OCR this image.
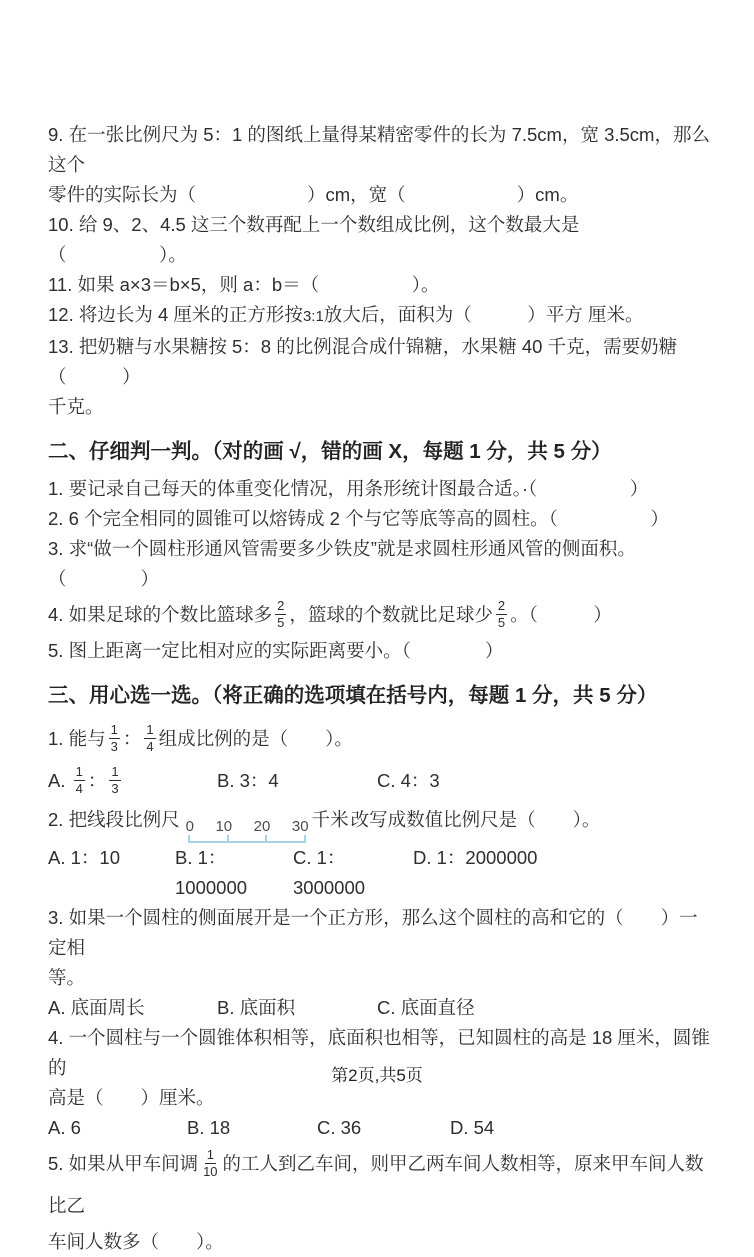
9. 在一张比例尺为 5：1 的图纸上量得某精密零件的长为 7.5cm，宽 3.5cm，那么这个
零件的实际长为（　　　　　　）cm，宽（　　　　　　）cm。
10. 给 9、2、4.5 这三个数再配上一个数组成比例，这个数最大是（　　　　　）。
11. 如果 a×3＝b×5，则 a：b＝（　　　　　）。
12. 将边长为 4 厘米的正方形按3:1放大后，面积为（　　　）平方 厘米。
13. 把奶糖与水果糖按 5：8 的比例混合成什锦糖，水果糖 40 千克，需要奶糖（　　　）
千克。
二、仔细判一判。（对的画 √，错的画 X，每题 1 分，共 5 分）
1. 要记录自己每天的体重变化情况，用条形统计图最合适。·（　　　　　）
2. 6 个完全相同的圆锥可以熔铸成 2 个与它等底等高的圆柱。（　　　　　）
3. 求“做一个圆柱形通风管需要多少铁皮”就是求圆柱形通风管的侧面积。（　　　　）
4. 如果足球的个数比篮球多 $\frac{2}{5}$ ，篮球的个数就比足球少 $\frac{2}{5}$ 。（　　　）
5. 图上距离一定比相对应的实际距离要小。（　　　　）
三、用心选一选。（将正确的选项填在括号内，每题 1 分，共 5 分）
1. 能与 $\frac{1}{3}$ ： $\frac{1}{4}$ 组成比例的是（　　）。
A. $\frac{1}{4}$ ： $\frac{1}{3}$	B. 3：4	C. 4：3
2. 把线段比例尺 0 10 20 30 千米 改写成数值比例尺是（　　）。
A. 1：10	B. 1：1000000
C. 1：3000000
D. 1：2000000
3. 如果一个圆柱的侧面展开是一个正方形，那么这个圆柱的高和它的（　　）一定相
等。
A. 底面周长	B. 底面积	C. 底面直径
4. 一个圆柱与一个圆锥体积相等，底面积也相等，已知圆柱的高是 18 厘米，圆锥的
高是（　　）厘米。
A. 6	B. 18	C. 36	D. 54
5. 如果从甲车间调 $\frac{1}{10}$ 的工人到乙车间，则甲乙两车间人数相等，原来甲车间人数比乙
车间人数多（　　）。
第2页,共5页
